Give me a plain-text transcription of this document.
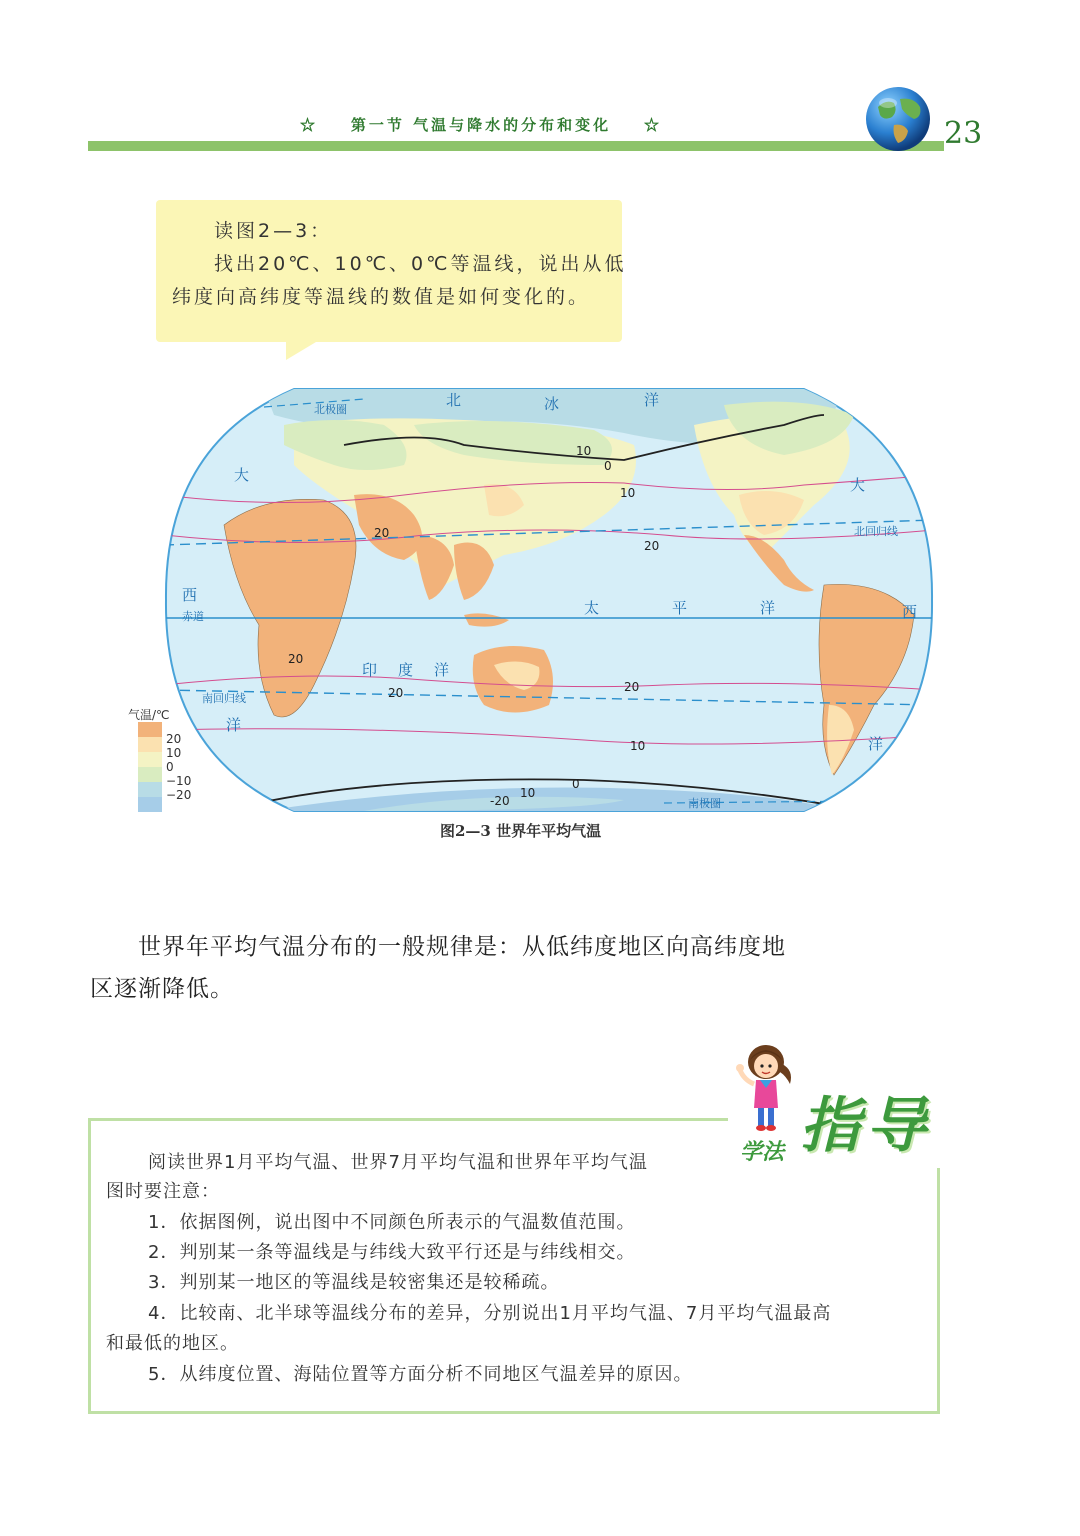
☆ 第一节 气温与降水的分布和变化 ☆	23
读图2—3：
找出20℃、10℃、0℃等温线，说出从低
纬度向高纬度等温线的数值是如何变化的。
北极圈
北	冰	洋
大
西
洋
大
西
洋
赤道
北回归线
南回归线
南极圈
太	平	洋
印 度 洋
10
0
10
20
20
20
20	20
10
0
10
-20
气温/℃
20
10
0
−10
−20
图2—3 世界年平均气温
世界年平均气温分布的一般规律是：从低纬度地区向高纬度地
区逐渐降低。
学法 指导
阅读世界1月平均气温、世界7月平均气温和世界年平均气温
图时要注意：
1．依据图例，说出图中不同颜色所表示的气温数值范围。
2．判别某一条等温线是与纬线大致平行还是与纬线相交。
3．判别某一地区的等温线是较密集还是较稀疏。
4．比较南、北半球等温线分布的差异，分别说出1月平均气温、7月平均气温最高
和最低的地区。
5．从纬度位置、海陆位置等方面分析不同地区气温差异的原因。
